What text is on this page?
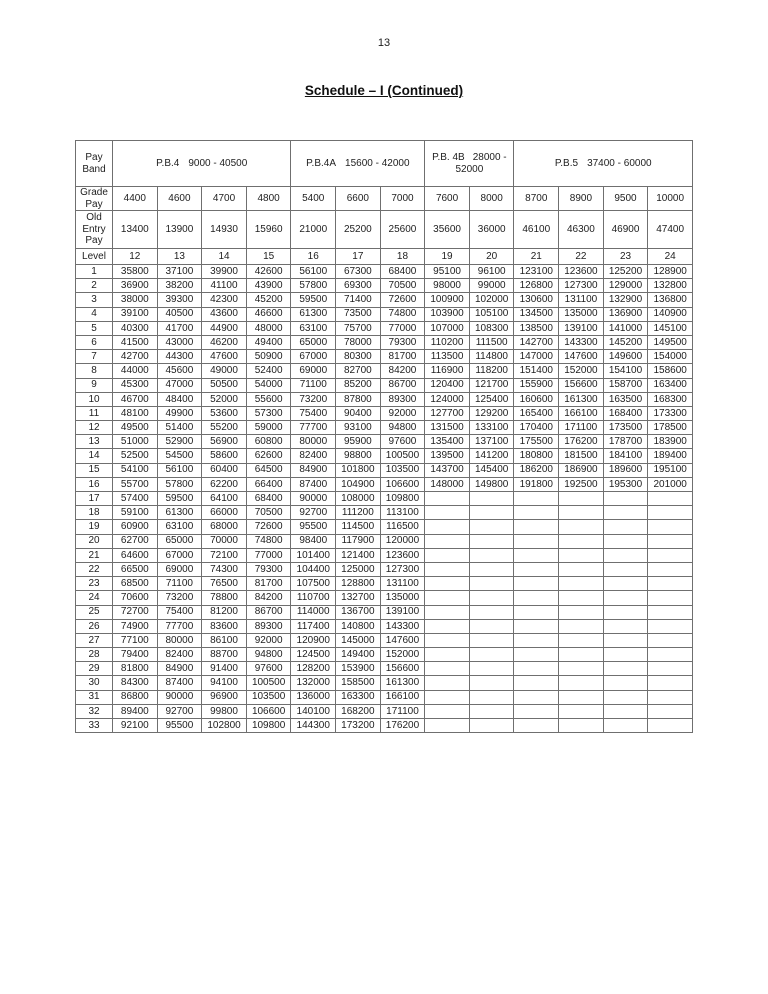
13
Schedule – I (Continued)
Pay Band	P.B.4 9000 - 40500				P.B.4A 15600 - 42000			P.B. 4B 28000 - 52000		P.B.5 37400 - 60000			
Grade Pay	4400	4600	4700	4800	5400	6600	7000	7600	8000	8700	8900	9500	10000
Old Entry Pay	13400	13900	14930	15960	21000	25200	25600	35600	36000	46100	46300	46900	47400
Level	12	13	14	15	16	17	18	19	20	21	22	23	24
1	35800	37100	39900	42600	56100	67300	68400	95100	96100	123100	123600	125200	128900
2	36900	38200	41100	43900	57800	69300	70500	98000	99000	126800	127300	129000	132800
3	38000	39300	42300	45200	59500	71400	72600	100900	102000	130600	131100	132900	136800
4	39100	40500	43600	46600	61300	73500	74800	103900	105100	134500	135000	136900	140900
5	40300	41700	44900	48000	63100	75700	77000	107000	108300	138500	139100	141000	145100
6	41500	43000	46200	49400	65000	78000	79300	110200	111500	142700	143300	145200	149500
7	42700	44300	47600	50900	67000	80300	81700	113500	114800	147000	147600	149600	154000
8	44000	45600	49000	52400	69000	82700	84200	116900	118200	151400	152000	154100	158600
9	45300	47000	50500	54000	71100	85200	86700	120400	121700	155900	156600	158700	163400
10	46700	48400	52000	55600	73200	87800	89300	124000	125400	160600	161300	163500	168300
11	48100	49900	53600	57300	75400	90400	92000	127700	129200	165400	166100	168400	173300
12	49500	51400	55200	59000	77700	93100	94800	131500	133100	170400	171100	173500	178500
13	51000	52900	56900	60800	80000	95900	97600	135400	137100	175500	176200	178700	183900
14	52500	54500	58600	62600	82400	98800	100500	139500	141200	180800	181500	184100	189400
15	54100	56100	60400	64500	84900	101800	103500	143700	145400	186200	186900	189600	195100
16	55700	57800	62200	66400	87400	104900	106600	148000	149800	191800	192500	195300	201000
17	57400	59500	64100	68400	90000	108000	109800						
18	59100	61300	66000	70500	92700	111200	113100						
19	60900	63100	68000	72600	95500	114500	116500						
20	62700	65000	70000	74800	98400	117900	120000						
21	64600	67000	72100	77000	101400	121400	123600						
22	66500	69000	74300	79300	104400	125000	127300						
23	68500	71100	76500	81700	107500	128800	131100						
24	70600	73200	78800	84200	110700	132700	135000						
25	72700	75400	81200	86700	114000	136700	139100						
26	74900	77700	83600	89300	117400	140800	143300						
27	77100	80000	86100	92000	120900	145000	147600						
28	79400	82400	88700	94800	124500	149400	152000						
29	81800	84900	91400	97600	128200	153900	156600						
30	84300	87400	94100	100500	132000	158500	161300						
31	86800	90000	96900	103500	136000	163300	166100						
32	89400	92700	99800	106600	140100	168200	171100						
33	92100	95500	102800	109800	144300	173200	176200						
